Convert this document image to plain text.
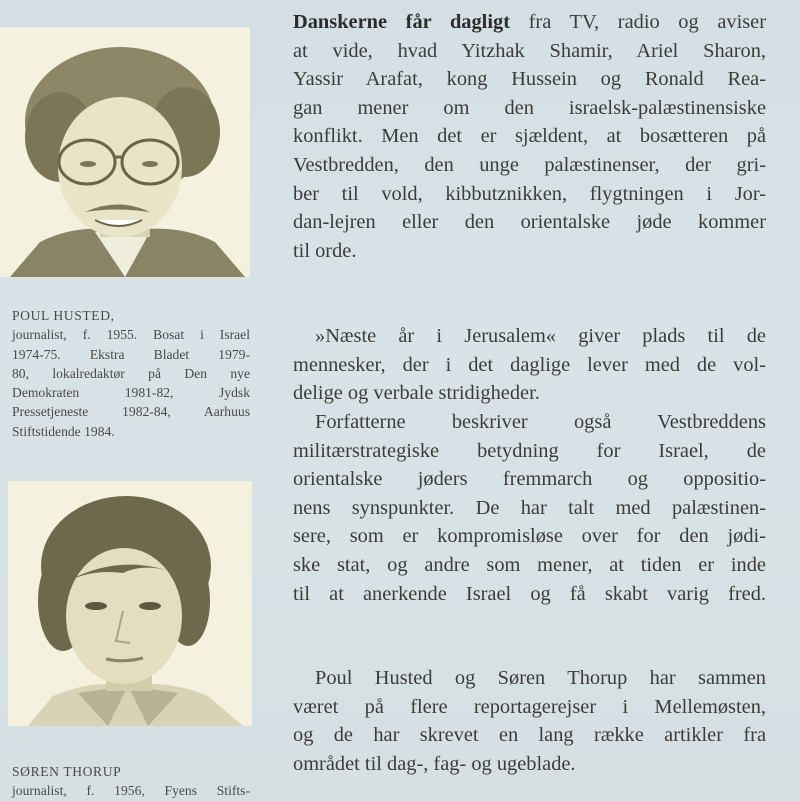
POUL HUSTED,
journalist, f. 1955. Bosat i Israel
1974-75. Ekstra Bladet 1979-
80, lokalredaktør på Den nye
Demokraten 1981-82, Jydsk
Pressetjeneste 1982-84, Aarhuus
Stiftstidende 1984.
SØREN THORUP
journalist, f. 1956, Fyens Stifts-
Danskerne får dagligt fra TV, radio og aviser
at vide, hvad Yitzhak Shamir, Ariel Sharon,
Yassir Arafat, kong Hussein og Ronald Rea-
gan mener om den israelsk-palæstinensiske
konflikt. Men det er sjældent, at bosætteren på
Vestbredden, den unge palæstinenser, der gri-
ber til vold, kibbutznikken, flygtningen i Jor-
dan-lejren eller den orientalske jøde kommer
til orde.
»Næste år i Jerusalem« giver plads til de
mennesker, der i det daglige lever med de vol-
delige og verbale stridigheder.
Forfatterne beskriver også Vestbreddens
militærstrategiske betydning for Israel, de
orientalske jøders fremmarch og oppositio-
nens synspunkter. De har talt med palæstinen-
sere, som er kompromisløse over for den jødi-
ske stat, og andre som mener, at tiden er inde
til at anerkende Israel og få skabt varig fred.
Poul Husted og Søren Thorup har sammen
været på flere reportagerejser i Mellemøsten,
og de har skrevet en lang række artikler fra
området til dag-, fag- og ugeblade.
